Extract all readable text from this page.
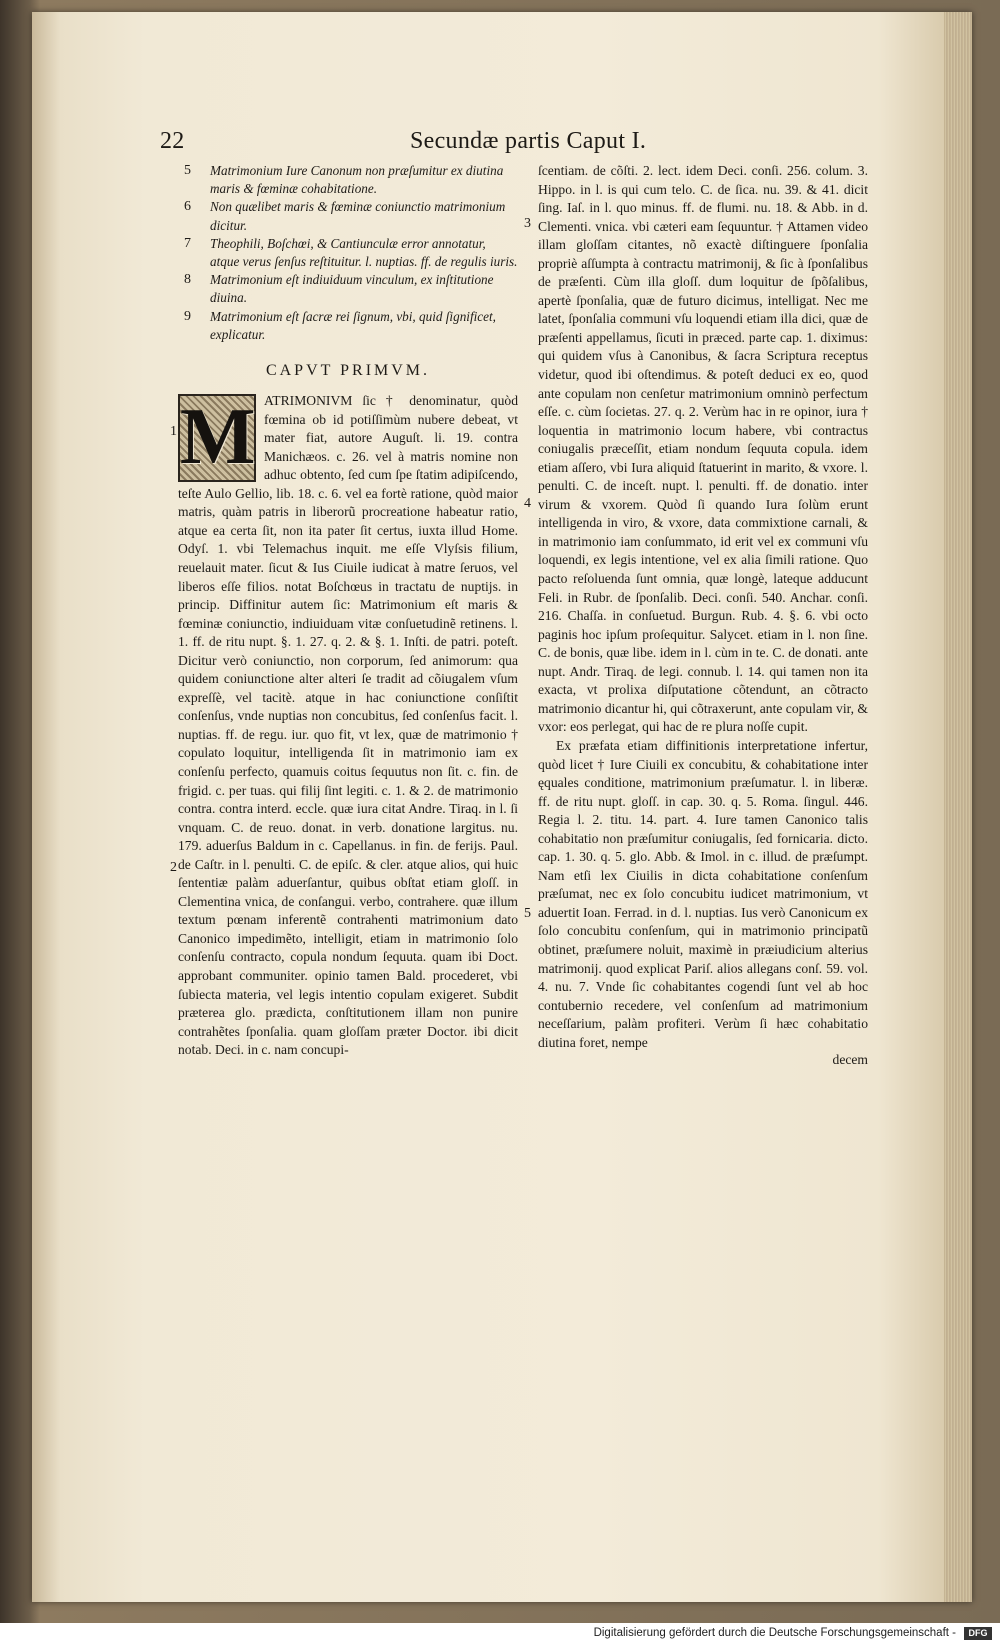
22	Secundæ partis Caput I.
5 Matrimonium Iure Canonum non præſumitur ex diutina maris & fœminæ cohabitatione.
6 Non quælibet maris & fœminæ coniunctio matrimonium dicitur.
7 Theophili, Boſchœi, & Cantiunculæ error annotatur, atque verus ſenſus reſtituitur. l. nuptias. ff. de regulis iuris.
8 Matrimonium eſt indiuiduum vinculum, ex inſtitutione diuina.
9 Matrimonium eſt ſacræ rei ſignum, vbi, quid ſignificet, explicatur.
CAPVT PRIMVM.
M ATRIMONIVM ſic † denominatur, quòd fœmina ob id potiſſimùm nubere debeat, vt mater fiat, autore Auguſt. li. 19. contra Manichæos. c. 26. vel à matris nomine non adhuc obtento, ſed cum ſpe ſtatim adipiſcendo, teſte Aulo Gellio, lib. 18. c. 6. vel ea fortè ratione, quòd maior matris, quàm patris in liberorũ procreatione habeatur ratio, atque ea certa ſit, non ita pater ſit certus, iuxta illud Home. Odyſ. 1. vbi Telemachus inquit. me eſſe Vlyſsis filium, reuelauit mater. ſicut & Ius Ciuile iudicat à matre ſeruos, vel liberos eſſe filios. notat Boſchœus in tractatu de nuptijs. in princip. Diffinitur autem ſic: Matrimonium eſt maris & fœminæ coniunctio, indiuiduam vitæ conſuetudinẽ retinens. l. 1. ff. de ritu nupt. §. 1. 27. q. 2. & §. 1. Inſti. de patri. poteſt. Dicitur verò coniunctio, non corporum, ſed animorum: qua quidem coniunctione alter alteri ſe tradit ad cõiugalem vſum expreſſè, vel tacitè. atque in hac coniunctione conſiſtit conſenſus, vnde nuptias non concubitus, ſed conſenſus facit. l. nuptias. ff. de regu. iur. quo fit, vt lex, quæ de matrimonio † copulato loquitur, intelligenda ſit in matrimonio iam ex conſenſu perfecto, quamuis coitus ſequutus non ſit. c. fin. de frigid. c. per tuas. qui filij ſint legiti. c. 1. & 2. de matrimonio contra. contra interd. eccle. quæ iura citat Andre. Tiraq. in l. ſi vnquam. C. de reuo. donat. in verb. donatione largitus. nu. 179. aduerſus Baldum in c. Capellanus. in fin. de ferijs. Paul. de Caſtr. in l. penulti. C. de epiſc. & cler. atque alios, qui huic ſententiæ palàm aduerſantur, quibus obſtat etiam gloſſ. in Clementina vnica, de conſangui. verbo, contrahere. quæ illum textum pœnam inferentẽ contrahenti matrimonium dato Canonico impedimẽto, intelligit, etiam in matrimonio ſolo conſenſu contracto, copula nondum ſequuta. quam ibi Doct. approbant communiter. opinio tamen Bald. procederet, vbi ſubiecta materia, vel legis intentio copulam exigeret. Subdit præterea glo. prædicta, conſtitutionem illam non punire contrahẽtes ſponſalia. quam gloſſam præter Doctor. ibi dicit notab. Deci. in c. nam concupi-
ſcentiam. de cõſti. 2. lect. idem Deci. conſi. 256. colum. 3. Hippo. in l. is qui cum telo. C. de ſica. nu. 39. & 41. dicit ſing. Iaſ. in l. quo minus. ff. de flumi. nu. 18. & Abb. in d. Clementi. vnica. vbi cæteri eam ſequuntur. † Attamen video illam gloſſam citantes, nõ exactè diſtinguere ſponſalia propriè aſſumpta à contractu matrimonij, & ſic à ſponſalibus de præſenti. Cùm illa gloſſ. dum loquitur de ſpõſalibus, apertè ſponſalia, quæ de futuro dicimus, intelligat. Nec me latet, ſponſalia communi vſu loquendi etiam illa dici, quæ de præſenti appellamus, ſicuti in præced. parte cap. 1. diximus: qui quidem vſus à Canonibus, & ſacra Scriptura receptus videtur, quod ibi oſtendimus. & poteſt deduci ex eo, quod ante copulam non cenſetur matrimonium omninò perfectum eſſe. c. cùm ſocietas. 27. q. 2. Verùm hac in re opinor, iura † loquentia in matrimonio locum habere, vbi contractus coniugalis præceſſit, etiam nondum ſequuta copula. idem etiam aſſero, vbi Iura aliquid ſtatuerint in marito, & vxore. l. penulti. C. de inceſt. nupt. l. penulti. ff. de donatio. inter virum & vxorem. Quòd ſi quando Iura ſolùm erunt intelligenda in viro, & vxore, data commixtione carnali, & in matrimonio iam conſummato, id erit vel ex communi vſu loquendi, ex legis intentione, vel ex alia ſimili ratione. Quo pacto reſoluenda ſunt omnia, quæ longè, lateque adducunt Feli. in Rubr. de ſponſalib. Deci. conſi. 540. Anchar. conſi. 216. Chaſſa. in conſuetud. Burgun. Rub. 4. §. 6. vbi octo paginis hoc ipſum proſequitur. Salycet. etiam in l. non ſine. C. de bonis, quæ libe. idem in l. cùm in te. C. de donati. ante nupt. Andr. Tiraq. de legi. connub. l. 14. qui tamen non ita exacta, vt prolixa diſputatione cõtendunt, an cõtracto matrimonio dicantur hi, qui cõtraxerunt, ante copulam vir, & vxor: eos perlegat, qui hac de re plura noſſe cupit.
Ex præfata etiam diffinitionis interpretatione infertur, quòd licet † Iure Ciuili ex concubitu, & cohabitatione inter ęquales conditione, matrimonium præſumatur. l. in liberæ. ff. de ritu nupt. gloſſ. in cap. 30. q. 5. Roma. ſingul. 446. Regia l. 2. titu. 14. part. 4. Iure tamen Canonico talis cohabitatio non præſumitur coniugalis, ſed fornicaria. dicto. cap. 1. 30. q. 5. glo. Abb. & Imol. in c. illud. de præſumpt. Nam etſi lex Ciuilis in dicta cohabitatione conſenſum præſumat, nec ex ſolo concubitu iudicet matrimonium, vt aduertit Ioan. Ferrad. in d. l. nuptias. Ius verò Canonicum ex ſolo concubitu conſenſum, qui in matrimonio principatũ obtinet, præſumere noluit, maximè in præiudicium alterius matrimonij. quod explicat Pariſ. alios allegans conſ. 59. vol. 4. nu. 7. Vnde ſic cohabitantes cogendi ſunt vel ab hoc contubernio recedere, vel conſenſum ad matrimonium neceſſarium, palàm profiteri. Verùm ſi hæc cohabitatio diutina foret, nempe
decem
1
2
3
4
5
Digitalisierung gefördert durch die Deutsche Forschungsgemeinschaft -	DFG
